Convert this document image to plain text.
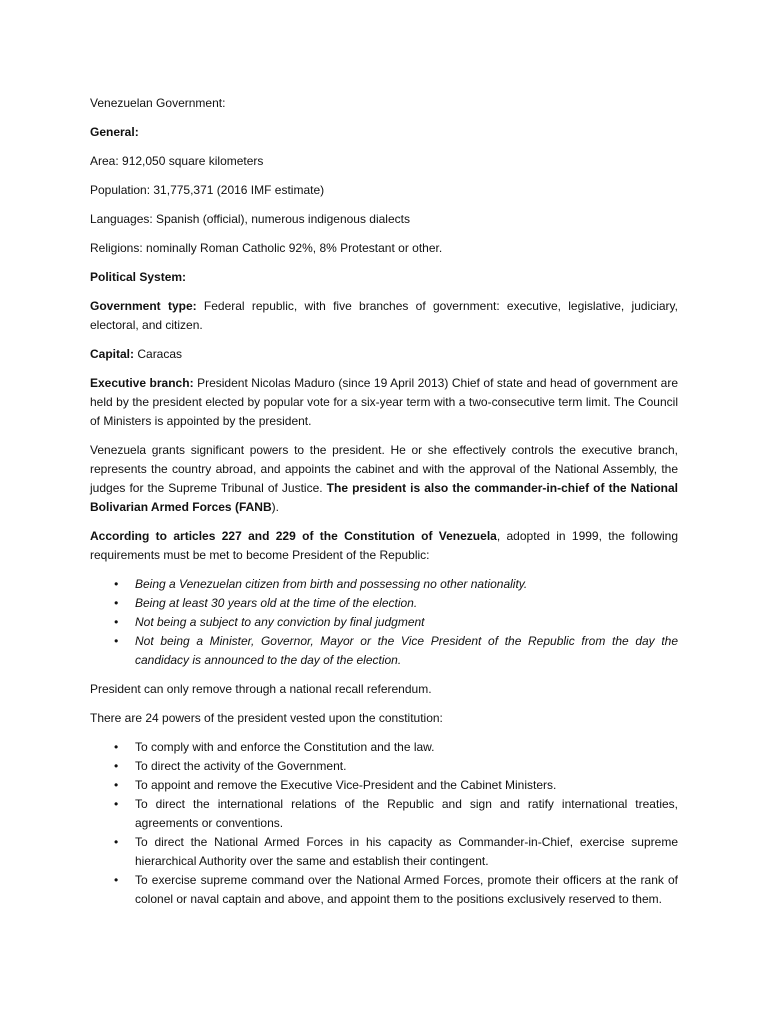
Venezuelan Government:

General:

Area: 912,050 square kilometers

Population: 31,775,371 (2016 IMF estimate)

Languages: Spanish (official), numerous indigenous dialects

Religions: nominally Roman Catholic 92%, 8% Protestant or other.

Political System:

Government type: Federal republic, with five branches of government: executive, legislative, judiciary, electoral, and citizen.

Capital: Caracas

Executive branch: President Nicolas Maduro (since 19 April 2013) Chief of state and head of government are held by the president elected by popular vote for a six-year term with a two-consecutive term limit. The Council of Ministers is appointed by the president.

Venezuela grants significant powers to the president. He or she effectively controls the executive branch, represents the country abroad, and appoints the cabinet and with the approval of the National Assembly, the judges for the Supreme Tribunal of Justice. The president is also the commander-in-chief of the National Bolivarian Armed Forces (FANB).

According to articles 227 and 229 of the Constitution of Venezuela, adopted in 1999, the following requirements must be met to become President of the Republic:

• Being a Venezuelan citizen from birth and possessing no other nationality.
• Being at least 30 years old at the time of the election.
• Not being a subject to any conviction by final judgment
• Not being a Minister, Governor, Mayor or the Vice President of the Republic from the day the candidacy is announced to the day of the election.

President can only remove through a national recall referendum.

There are 24 powers of the president vested upon the constitution:

• To comply with and enforce the Constitution and the law.
• To direct the activity of the Government.
• To appoint and remove the Executive Vice-President and the Cabinet Ministers.
• To direct the international relations of the Republic and sign and ratify international treaties, agreements or conventions.
• To direct the National Armed Forces in his capacity as Commander-in-Chief, exercise supreme hierarchical Authority over the same and establish their contingent.
• To exercise supreme command over the National Armed Forces, promote their officers at the rank of colonel or naval captain and above, and appoint them to the positions exclusively reserved to them.
